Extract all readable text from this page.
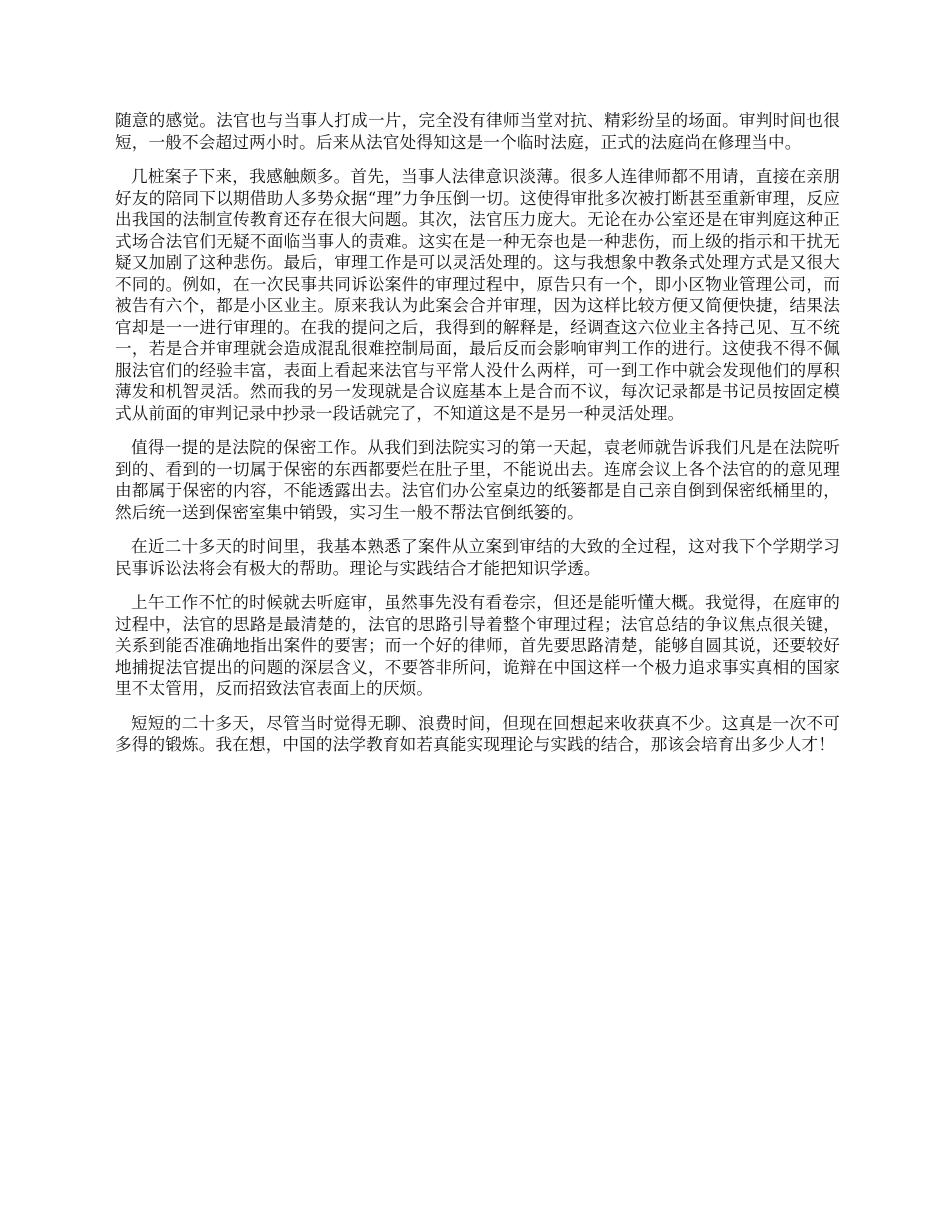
随意的感觉。法官也与当事人打成一片，完全没有律师当堂对抗、精彩纷呈的场面。审判时间也很短，一般不会超过两小时。后来从法官处得知这是一个临时法庭，正式的法庭尚在修理当中。

几桩案子下来，我感触颇多。首先，当事人法律意识淡薄。很多人连律师都不用请，直接在亲朋好友的陪同下以期借助人多势众据“理”力争压倒一切。这使得审批多次被打断甚至重新审理，反应出我国的法制宣传教育还存在很大问题。其次，法官压力庞大。无论在办公室还是在审判庭这种正式场合法官们无疑不面临当事人的责难。这实在是一种无奈也是一种悲伤，而上级的指示和干扰无疑又加剧了这种悲伤。最后，审理工作是可以灵活处理的。这与我想象中教条式处理方式是又很大不同的。例如，在一次民事共同诉讼案件的审理过程中，原告只有一个，即小区物业管理公司，而被告有六个，都是小区业主。原来我认为此案会合并审理，因为这样比较方便又简便快捷，结果法官却是一一进行审理的。在我的提问之后，我得到的解释是，经调查这六位业主各持己见、互不统一，若是合并审理就会造成混乱很难控制局面，最后反而会影响审判工作的进行。这使我不得不佩服法官们的经验丰富，表面上看起来法官与平常人没什么两样，可一到工作中就会发现他们的厚积薄发和机智灵活。然而我的另一发现就是合议庭基本上是合而不议，每次记录都是书记员按固定模式从前面的审判记录中抄录一段话就完了，不知道这是不是另一种灵活处理。

值得一提的是法院的保密工作。从我们到法院实习的第一天起，袁老师就告诉我们凡是在法院听到的、看到的一切属于保密的东西都要烂在肚子里，不能说出去。连席会议上各个法官的的意见理由都属于保密的内容，不能透露出去。法官们办公室桌边的纸篓都是自己亲自倒到保密纸桶里的，然后统一送到保密室集中销毁，实习生一般不帮法官倒纸篓的。

在近二十多天的时间里，我基本熟悉了案件从立案到审结的大致的全过程，这对我下个学期学习民事诉讼法将会有极大的帮助。理论与实践结合才能把知识学透。

上午工作不忙的时候就去听庭审，虽然事先没有看卷宗，但还是能听懂大概。我觉得，在庭审的过程中，法官的思路是最清楚的，法官的思路引导着整个审理过程；法官总结的争议焦点很关键，关系到能否准确地指出案件的要害；而一个好的律师，首先要思路清楚，能够自圆其说，还要较好地捕捉法官提出的问题的深层含义，不要答非所问，诡辩在中国这样一个极力追求事实真相的国家里不太管用，反而招致法官表面上的厌烦。

短短的二十多天，尽管当时觉得无聊、浪费时间，但现在回想起来收获真不少。这真是一次不可多得的锻炼。我在想，中国的法学教育如若真能实现理论与实践的结合，那该会培育出多少人才！
